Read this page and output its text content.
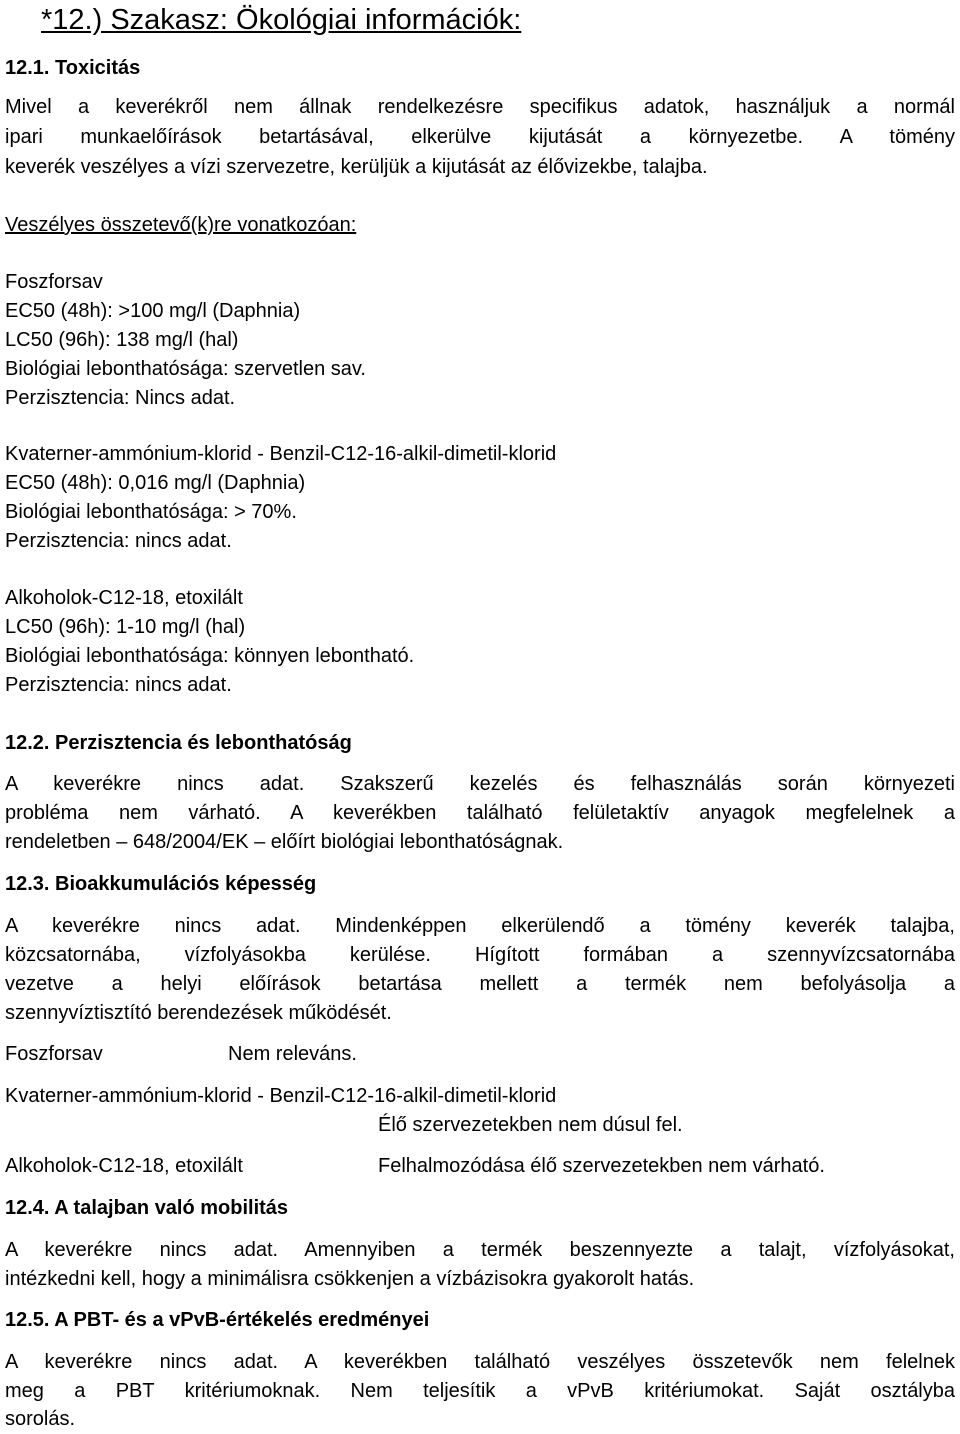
*12.) Szakasz: Ökológiai információk:
12.1. Toxicitás
Mivel a keverékről nem állnak rendelkezésre specifikus adatok, használjuk a normál
ipari munkaelőírások betartásával, elkerülve kijutását a környezetbe. A tömény
keverék veszélyes a vízi szervezetre, kerüljük a kijutását az élővizekbe, talajba.
Veszélyes összetevő(k)re vonatkozóan:
Foszforsav
EC50 (48h): >100 mg/l (Daphnia)
LC50 (96h): 138 mg/l (hal)
Biológiai lebonthatósága: szervetlen sav.
Perzisztencia: Nincs adat.
Kvaterner-ammónium-klorid - Benzil-C12-16-alkil-dimetil-klorid
EC50 (48h): 0,016 mg/l (Daphnia)
Biológiai lebonthatósága: > 70%.
Perzisztencia: nincs adat.
Alkoholok-C12-18, etoxilált
LC50 (96h): 1-10 mg/l (hal)
Biológiai lebonthatósága: könnyen lebontható.
Perzisztencia: nincs adat.
12.2. Perzisztencia és lebonthatóság
A keverékre nincs adat. Szakszerű kezelés és felhasználás során környezeti
probléma nem várható. A keverékben található felületaktív anyagok megfelelnek a
rendeletben – 648/2004/EK – előírt biológiai lebonthatóságnak.
12.3. Bioakkumulációs képesség
A keverékre nincs adat. Mindenképpen elkerülendő a tömény keverék talajba,
közcsatornába, vízfolyásokba kerülése. Hígított formában a szennyvízcsatornába
vezetve a helyi előírások betartása mellett a termék nem befolyásolja a
szennyvíztisztító berendezések működését.
Foszforsav	Nem releváns.
Kvaterner-ammónium-klorid - Benzil-C12-16-alkil-dimetil-klorid
Élő szervezetekben nem dúsul fel.
Alkoholok-C12-18, etoxilált	Felhalmozódása élő szervezetekben nem várható.
12.4. A talajban való mobilitás
A keverékre nincs adat. Amennyiben a termék beszennyezte a talajt, vízfolyásokat,
intézkedni kell, hogy a minimálisra csökkenjen a vízbázisokra gyakorolt hatás.
12.5. A PBT- és a vPvB-értékelés eredményei
A keverékre nincs adat. A keverékben található veszélyes összetevők nem felelnek
meg a PBT kritériumoknak. Nem teljesítik a vPvB kritériumokat. Saját osztályba
sorolás.
